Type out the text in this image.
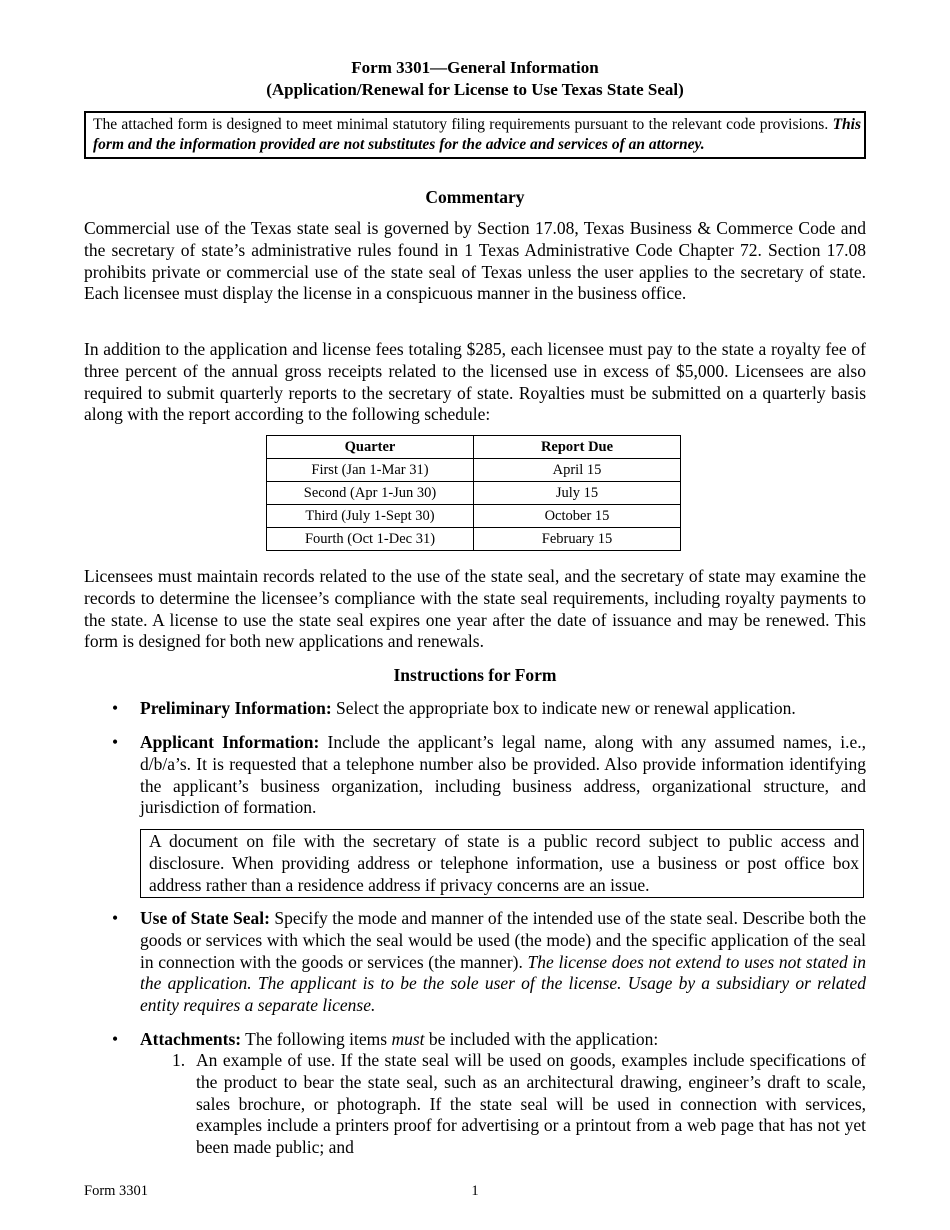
Form 3301—General Information
(Application/Renewal for License to Use Texas State Seal)
The attached form is designed to meet minimal statutory filing requirements pursuant to the relevant code provisions. This form and the information provided are not substitutes for the advice and services of an attorney.
Commentary
Commercial use of the Texas state seal is governed by Section 17.08, Texas Business & Commerce Code and the secretary of state’s administrative rules found in 1 Texas Administrative Code Chapter 72. Section 17.08 prohibits private or commercial use of the state seal of Texas unless the user applies to the secretary of state. Each licensee must display the license in a conspicuous manner in the business office.
In addition to the application and license fees totaling $285, each licensee must pay to the state a royalty fee of three percent of the annual gross receipts related to the licensed use in excess of $5,000. Licensees are also required to submit quarterly reports to the secretary of state. Royalties must be submitted on a quarterly basis along with the report according to the following schedule:
Quarter	Report Due
First (Jan 1-Mar 31)	April 15
Second (Apr 1-Jun 30)	July 15
Third (July 1-Sept 30)	October 15
Fourth (Oct 1-Dec 31)	February 15
Licensees must maintain records related to the use of the state seal, and the secretary of state may examine the records to determine the licensee’s compliance with the state seal requirements, including royalty payments to the state. A license to use the state seal expires one year after the date of issuance and may be renewed. This form is designed for both new applications and renewals.
Instructions for Form
• Preliminary Information: Select the appropriate box to indicate new or renewal application.
• Applicant Information: Include the applicant’s legal name, along with any assumed names, i.e., d/b/a’s. It is requested that a telephone number also be provided. Also provide information identifying the applicant’s business organization, including business address, organizational structure, and jurisdiction of formation.
A document on file with the secretary of state is a public record subject to public access and disclosure. When providing address or telephone information, use a business or post office box address rather than a residence address if privacy concerns are an issue.
• Use of State Seal: Specify the mode and manner of the intended use of the state seal. Describe both the goods or services with which the seal would be used (the mode) and the specific application of the seal in connection with the goods or services (the manner). The license does not extend to uses not stated in the application. The applicant is to be the sole user of the license. Usage by a subsidiary or related entity requires a separate license.
• Attachments: The following items must be included with the application:
1. An example of use. If the state seal will be used on goods, examples include specifications of the product to bear the state seal, such as an architectural drawing, engineer’s draft to scale, sales brochure, or photograph. If the state seal will be used in connection with services, examples include a printers proof for advertising or a printout from a web page that has not yet been made public; and
Form 3301	1
